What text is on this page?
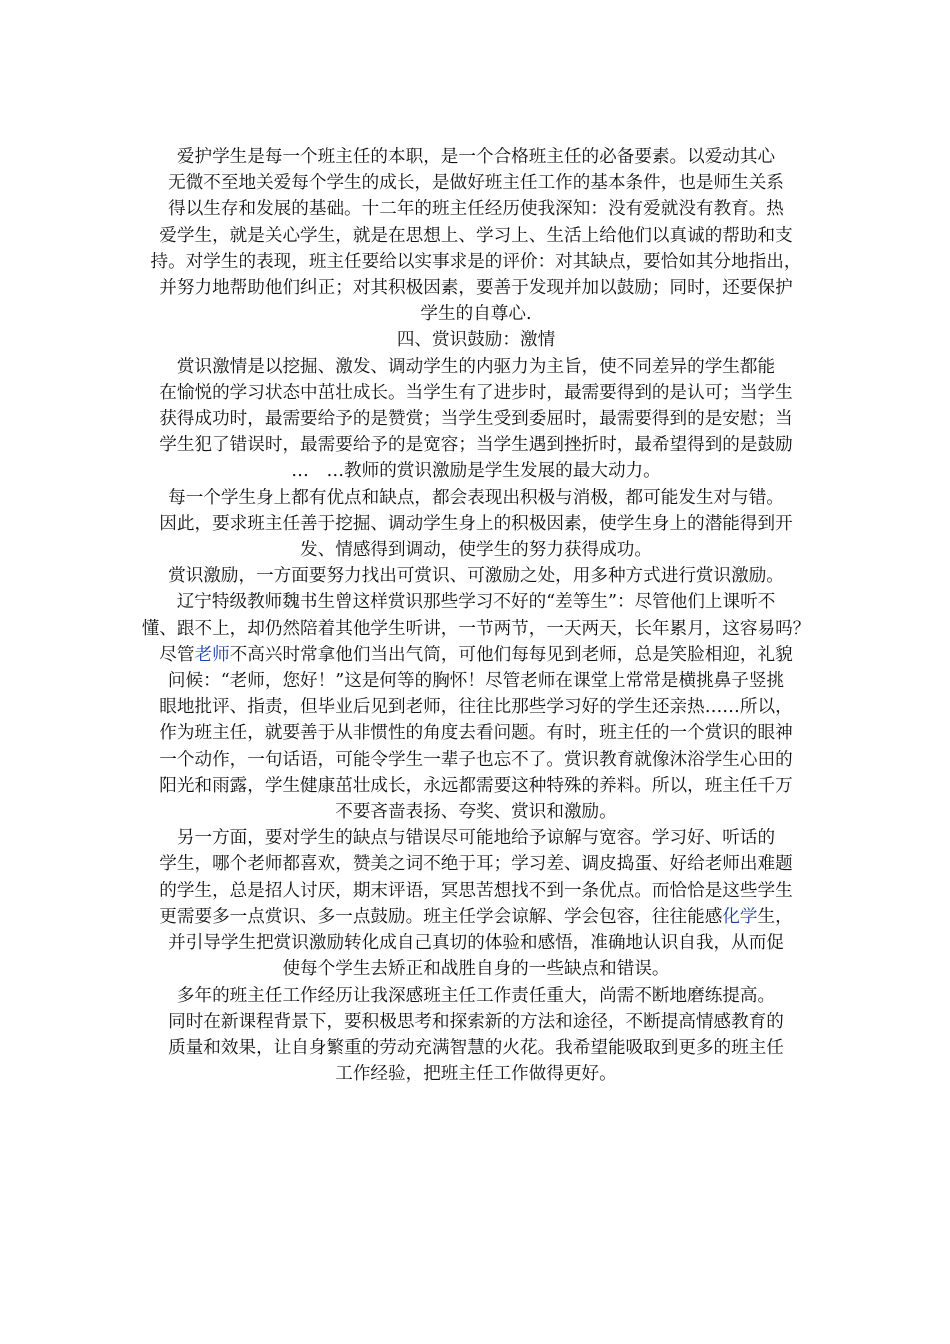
爱护学生是每一个班主任的本职，是一个合格班主任的必备要素。以爱动其心
无微不至地关爱每个学生的成长，是做好班主任工作的基本条件，也是师生关系
得以生存和发展的基础。十二年的班主任经历使我深知：没有爱就没有教育。热
爱学生，就是关心学生，就是在思想上、学习上、生活上给他们以真诚的帮助和支
持。对学生的表现，班主任要给以实事求是的评价：对其缺点，要恰如其分地指出，
并努力地帮助他们纠正；对其积极因素，要善于发现并加以鼓励；同时，还要保护
学生的自尊心.
四、赏识鼓励：激情
赏识激情是以挖掘、激发、调动学生的内驱力为主旨，使不同差异的学生都能
在愉悦的学习状态中茁壮成长。当学生有了进步时，最需要得到的是认可；当学生
获得成功时，最需要给予的是赞赏；当学生受到委屈时，最需要得到的是安慰；当
学生犯了错误时，最需要给予的是宽容；当学生遇到挫折时，最希望得到的是鼓励
…　…教师的赏识激励是学生发展的最大动力。
每一个学生身上都有优点和缺点，都会表现出积极与消极，都可能发生对与错。
因此，要求班主任善于挖掘、调动学生身上的积极因素，使学生身上的潜能得到开
发、情感得到调动，使学生的努力获得成功。
赏识激励，一方面要努力找出可赏识、可激励之处，用多种方式进行赏识激励。
辽宁特级教师魏书生曾这样赏识那些学习不好的“差等生”：尽管他们上课听不
懂、跟不上，却仍然陪着其他学生听讲，一节两节，一天两天，长年累月，这容易吗？
尽管老师不高兴时常拿他们当出气筒，可他们每每见到老师，总是笑脸相迎，礼貌
问候：“老师，您好！”这是何等的胸怀！尽管老师在课堂上常常是横挑鼻子竖挑
眼地批评、指责，但毕业后见到老师，往往比那些学习好的学生还亲热……所以，
作为班主任，就要善于从非惯性的角度去看问题。有时，班主任的一个赏识的眼神
一个动作，一句话语，可能令学生一辈子也忘不了。赏识教育就像沐浴学生心田的
阳光和雨露，学生健康茁壮成长，永远都需要这种特殊的养料。所以，班主任千万
不要吝啬表扬、夸奖、赏识和激励。
另一方面，要对学生的缺点与错误尽可能地给予谅解与宽容。学习好、听话的
学生，哪个老师都喜欢，赞美之词不绝于耳；学习差、调皮捣蛋、好给老师出难题
的学生，总是招人讨厌，期末评语，冥思苦想找不到一条优点。而恰恰是这些学生
更需要多一点赏识、多一点鼓励。班主任学会谅解、学会包容，往往能感化学生，
并引导学生把赏识激励转化成自己真切的体验和感悟，准确地认识自我，从而促
使每个学生去矫正和战胜自身的一些缺点和错误。
多年的班主任工作经历让我深感班主任工作责任重大，尚需不断地磨练提高。
同时在新课程背景下，要积极思考和探索新的方法和途径，不断提高情感教育的
质量和效果，让自身繁重的劳动充满智慧的火花。我希望能吸取到更多的班主任
工作经验，把班主任工作做得更好。
